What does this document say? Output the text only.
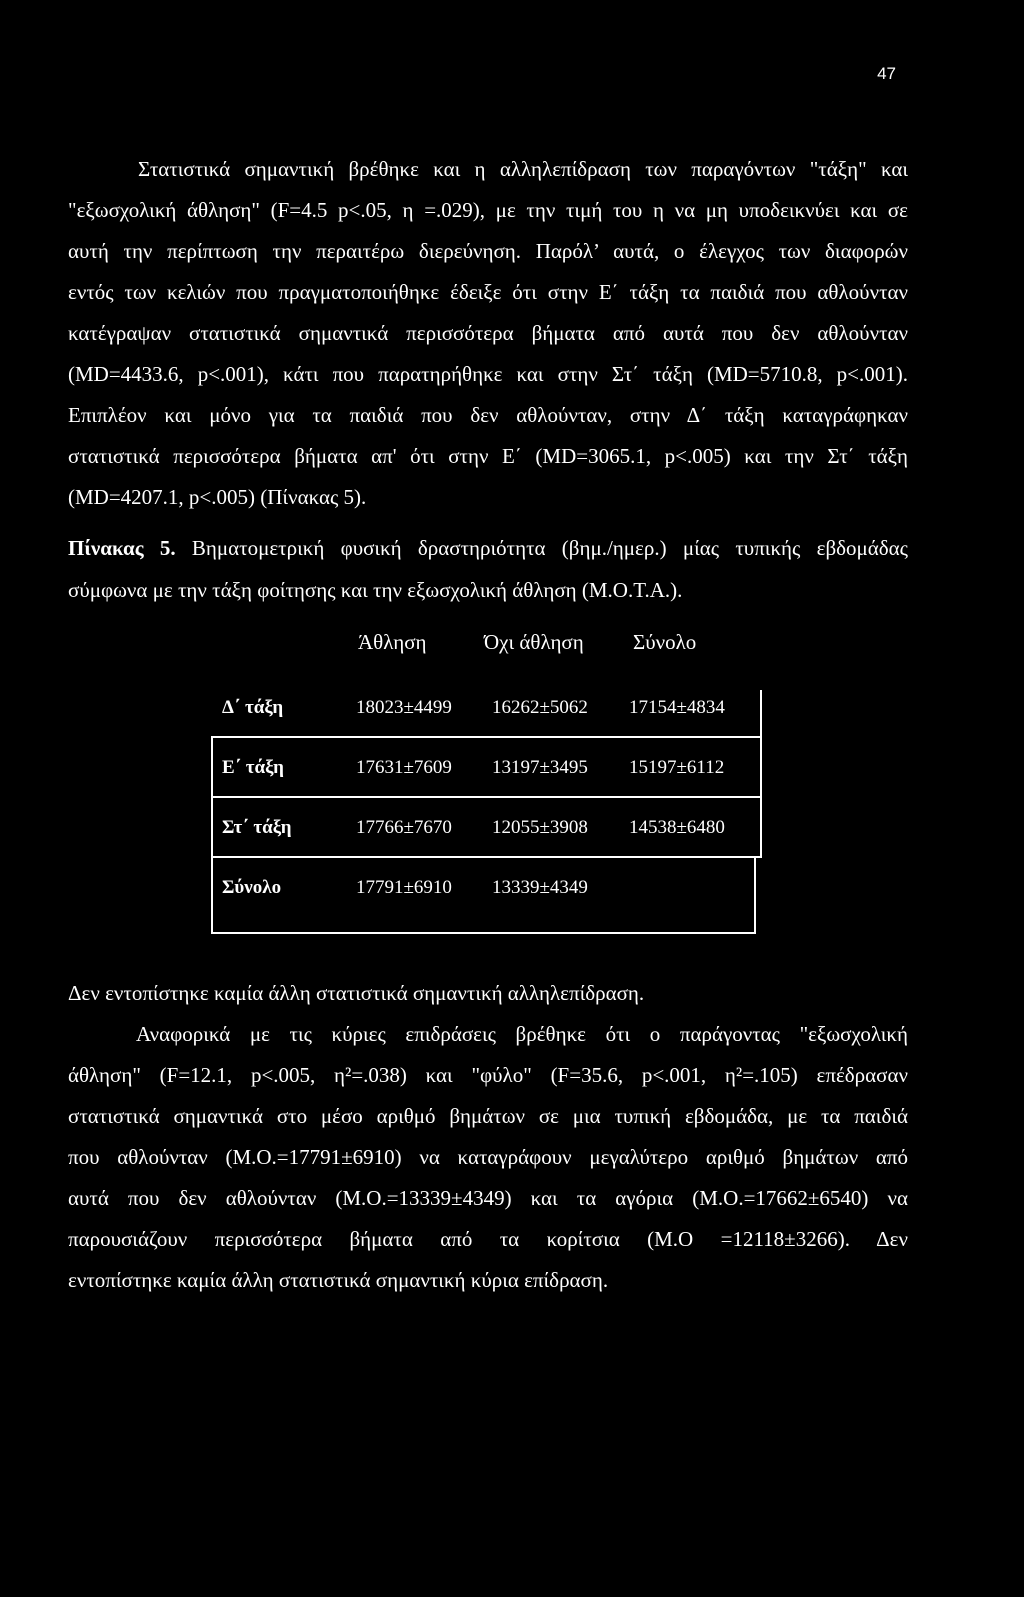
47
Στατιστικά σημαντική βρέθηκε και η αλληλεπίδραση των παραγόντων "τάξη" και
"εξωσχολική άθληση" (F=4.5 p<.05, η =.029), με την τιμή του η να μη υποδεικνύει και σε
αυτή την περίπτωση την περαιτέρω διερεύνηση. Παρόλ’ αυτά, ο έλεγχος των διαφορών
εντός των κελιών που πραγματοποιήθηκε έδειξε ότι στην Ε΄ τάξη τα παιδιά που αθλούνταν
κατέγραψαν στατιστικά σημαντικά περισσότερα βήματα από αυτά που δεν αθλούνταν
(MD=4433.6, p<.001), κάτι που παρατηρήθηκε και στην Στ΄ τάξη (MD=5710.8, p<.001).
Επιπλέον και μόνο για τα παιδιά που δεν αθλούνταν, στην Δ΄ τάξη καταγράφηκαν
στατιστικά περισσότερα βήματα απ' ότι στην Ε΄ (MD=3065.1, p<.005) και την Στ΄ τάξη
(MD=4207.1, p<.005) (Πίνακας 5).
Πίνακας 5. Βηματομετρική φυσική δραστηριότητα (βημ./ημερ.) μίας τυπικής εβδομάδας
σύμφωνα με την τάξη φοίτησης και την εξωσχολική άθληση (Μ.Ο.Τ.Α.).
Άθληση	Όχι άθληση Σύνολο
Δ΄ τάξη	18023±4499 16262±5062 17154±4834
Ε΄ τάξη	17631±7609 13197±3495 15197±6112
Στ΄ τάξη	17766±7670 12055±3908 14538±6480
Σύνολο	17791±6910 13339±4349
Δεν εντοπίστηκε καμία άλλη στατιστικά σημαντική αλληλεπίδραση.
Αναφορικά με τις κύριες επιδράσεις βρέθηκε ότι ο παράγοντας "εξωσχολική
άθληση" (F=12.1, p<.005, η²=.038) και "φύλο" (F=35.6, p<.001, η²=.105) επέδρασαν
στατιστικά σημαντικά στο μέσο αριθμό βημάτων σε μια τυπική εβδομάδα, με τα παιδιά
που αθλούνταν (Μ.Ο.=17791±6910) να καταγράφουν μεγαλύτερο αριθμό βημάτων από
αυτά που δεν αθλούνταν (Μ.Ο.=13339±4349) και τα αγόρια (Μ.Ο.=17662±6540) να
παρουσιάζουν περισσότερα βήματα από τα κορίτσια (Μ.Ο =12118±3266). Δεν
εντοπίστηκε καμία άλλη στατιστικά σημαντική κύρια επίδραση.
